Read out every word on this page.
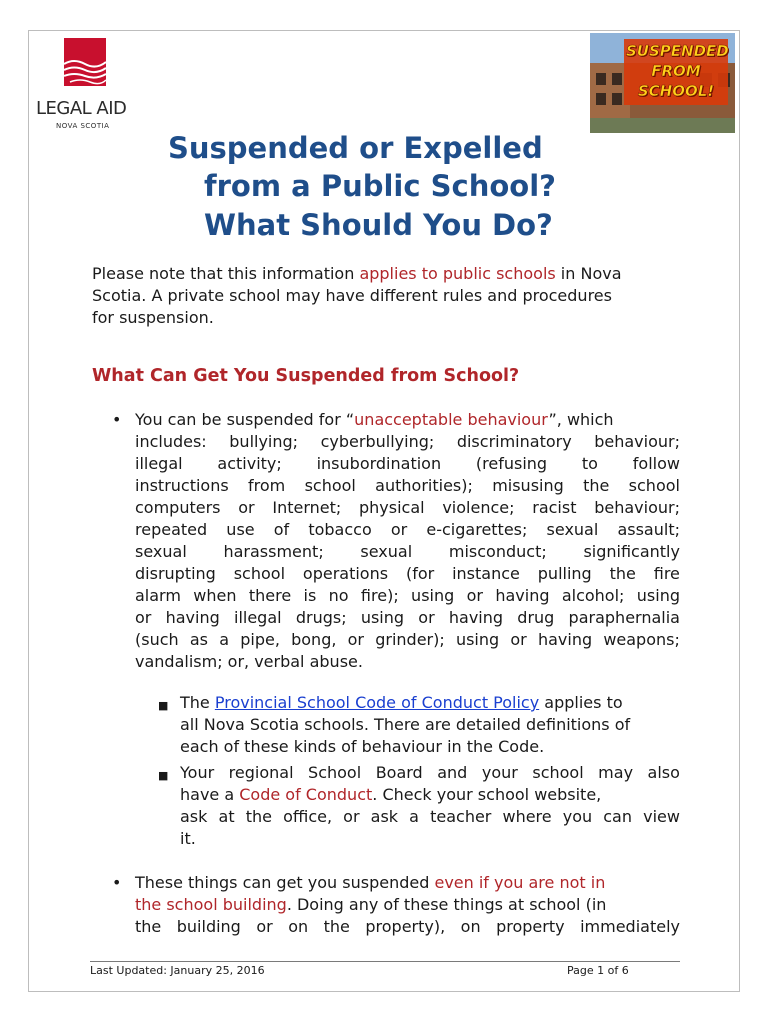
LEGAL AID
NOVA SCOTIA
SUSPENDED
FROM
SCHOOL!
Suspended or Expelled
from a Public School?
What Should You Do?
Please note that this information applies to public schools in Nova
Scotia. A private school may have different rules and procedures
for suspension.
What Can Get You Suspended from School?
• You can be suspended for “unacceptable behaviour”, which
includes: bullying; cyberbullying; discriminatory behaviour;
illegal activity; insubordination (refusing to follow
instructions from school authorities); misusing the school
computers or Internet; physical violence; racist behaviour;
repeated use of tobacco or e-cigarettes; sexual assault;
sexual harassment; sexual misconduct; significantly
disrupting school operations (for instance pulling the fire
alarm when there is no fire); using or having alcohol; using
or having illegal drugs; using or having drug paraphernalia
(such as a pipe, bong, or grinder); using or having weapons;
vandalism; or, verbal abuse.
■ The Provincial School Code of Conduct Policy applies to
all Nova Scotia schools. There are detailed definitions of
each of these kinds of behaviour in the Code.
■ Your regional School Board and your school may also
have a Code of Conduct. Check your school website,
ask at the office, or ask a teacher where you can view
it.
• These things can get you suspended even if you are not in
the school building. Doing any of these things at school (in
the building or on the property), on property immediately
Last Updated: January 25, 2016	Page 1 of 6
